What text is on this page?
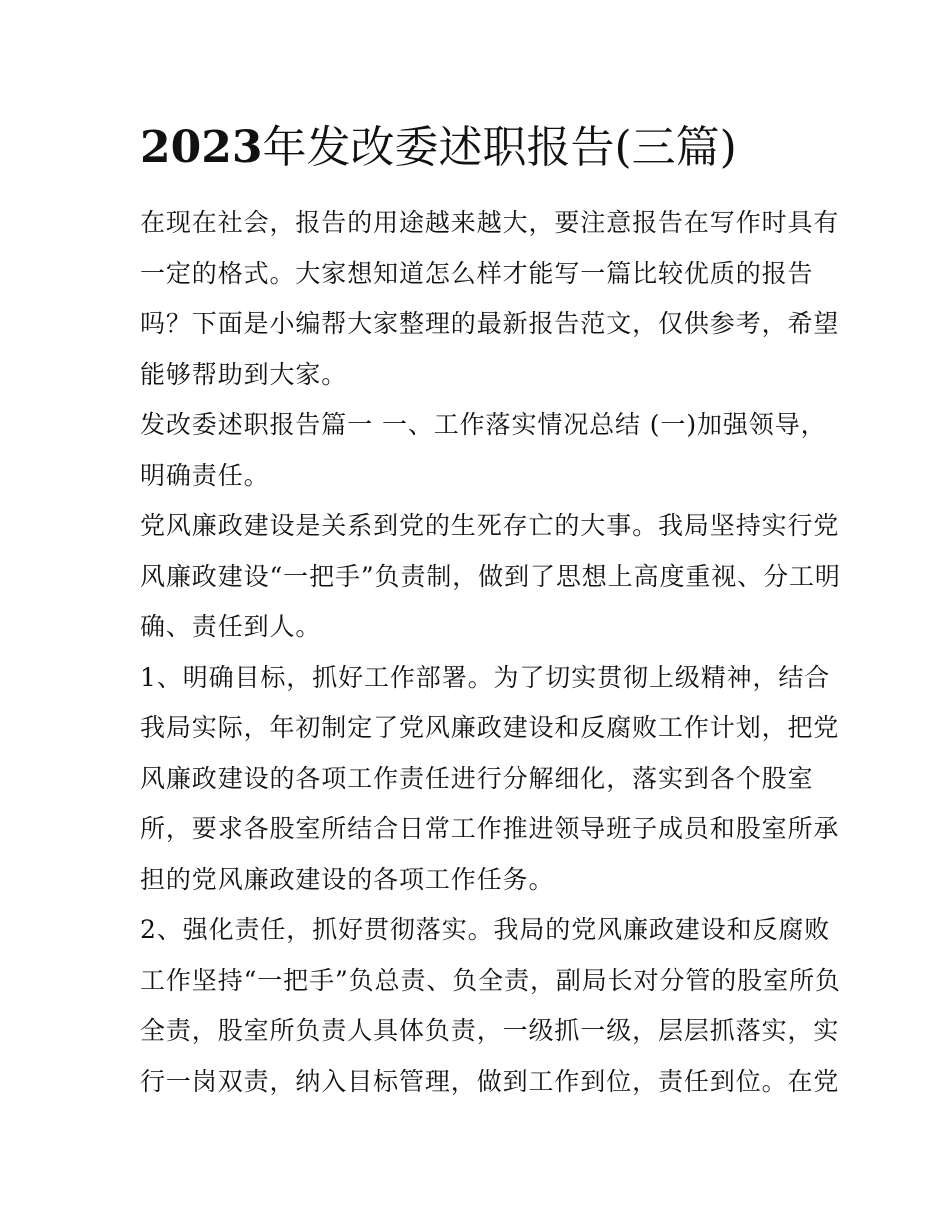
2023年发改委述职报告(三篇)

在现在社会，报告的用途越来越大，要注意报告在写作时具有
一定的格式。大家想知道怎么样才能写一篇比较优质的报告
吗？下面是小编帮大家整理的最新报告范文，仅供参考，希望
能够帮助到大家。

发改委述职报告篇一 一、工作落实情况总结 (一)加强领导，
明确责任。

党风廉政建设是关系到党的生死存亡的大事。我局坚持实行党
风廉政建设“一把手”负责制，做到了思想上高度重视、分工明
确、责任到人。

1、明确目标，抓好工作部署。为了切实贯彻上级精神，结合
我局实际，年初制定了党风廉政建设和反腐败工作计划，把党
风廉政建设的各项工作责任进行分解细化，落实到各个股室
所，要求各股室所结合日常工作推进领导班子成员和股室所承
担的党风廉政建设的各项工作任务。

2、强化责任，抓好贯彻落实。我局的党风廉政建设和反腐败
工作坚持“一把手”负总责、负全责，副局长对分管的股室所负
全责，股室所负责人具体负责，一级抓一级，层层抓落实，实
行一岗双责，纳入目标管理，做到工作到位，责任到位。在党
